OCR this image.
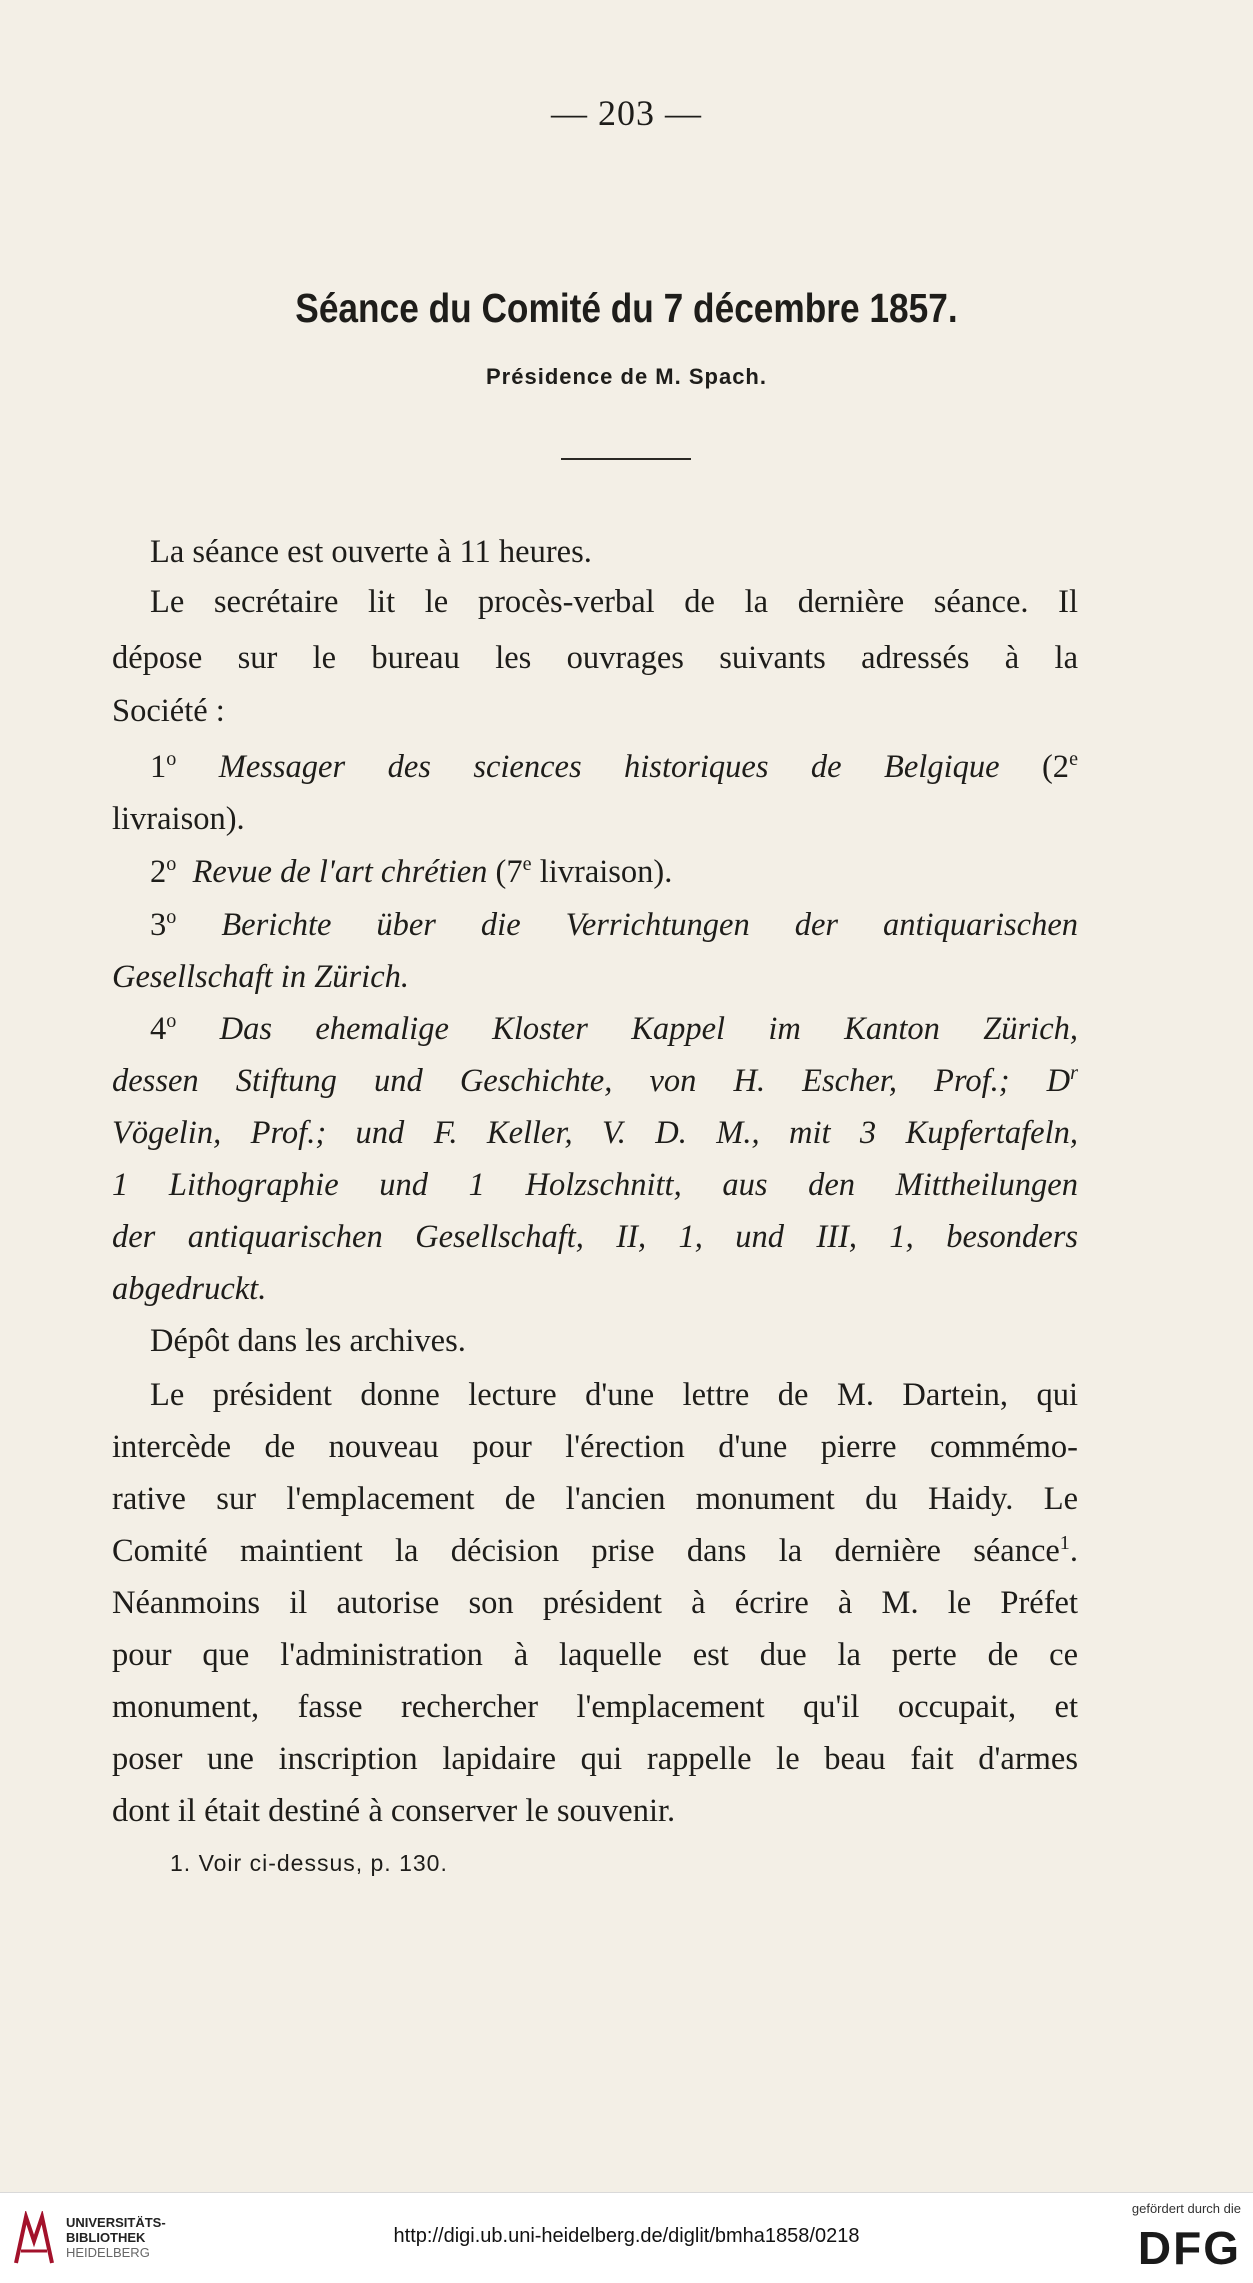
— 203 —
Séance du Comité du 7 décembre 1857.
Présidence de M. Spach.
La séance est ouverte à 11 heures.
Le secrétaire lit le procès-verbal de la dernière séance. Il
dépose sur le bureau les ouvrages suivants adressés à la
Société :
1$^o$ Messager des sciences historiques de Belgique (2e
livraison).
2$^o$ Revue de l'art chrétien (7e livraison).
3$^o$ Berichte über die Verrichtungen der antiquarischen
Gesellschaft in Zürich.
4$^o$ Das ehemalige Kloster Kappel im Kanton Zürich,
dessen Stiftung und Geschichte, von H. Escher, Prof.; $D^r$
Vögelin, Prof.; und F. Keller, V. D. M., mit 3 Kupfertafeln,
1 Lithographie und 1 Holzschnitt, aus den Mittheilungen
der antiquarischen Gesellschaft, II, 1, und III, 1, besonders
abgedruckt.
Dépôt dans les archives.
Le président donne lecture d'une lettre de M. Dartein, qui
intercède de nouveau pour l'érection d'une pierre commémo-
rative sur l'emplacement de l'ancien monument du Haidy. Le
Comité maintient la décision prise dans la dernière séance$^1$.
Néanmoins il autorise son président à écrire à M. le Préfet
pour que l'administration à laquelle est due la perte de ce
monument, fasse rechercher l'emplacement qu'il occupait, et
poser une inscription lapidaire qui rappelle le beau fait d'armes
dont il était destiné à conserver le souvenir.
1. Voir ci-dessus, p. 130.
UNIVERSITÄTS-
BIBLIOTHEK
HEIDELBERG
http://digi.ub.uni-heidelberg.de/diglit/bmha1858/0218
gefördert durch die
DFG
